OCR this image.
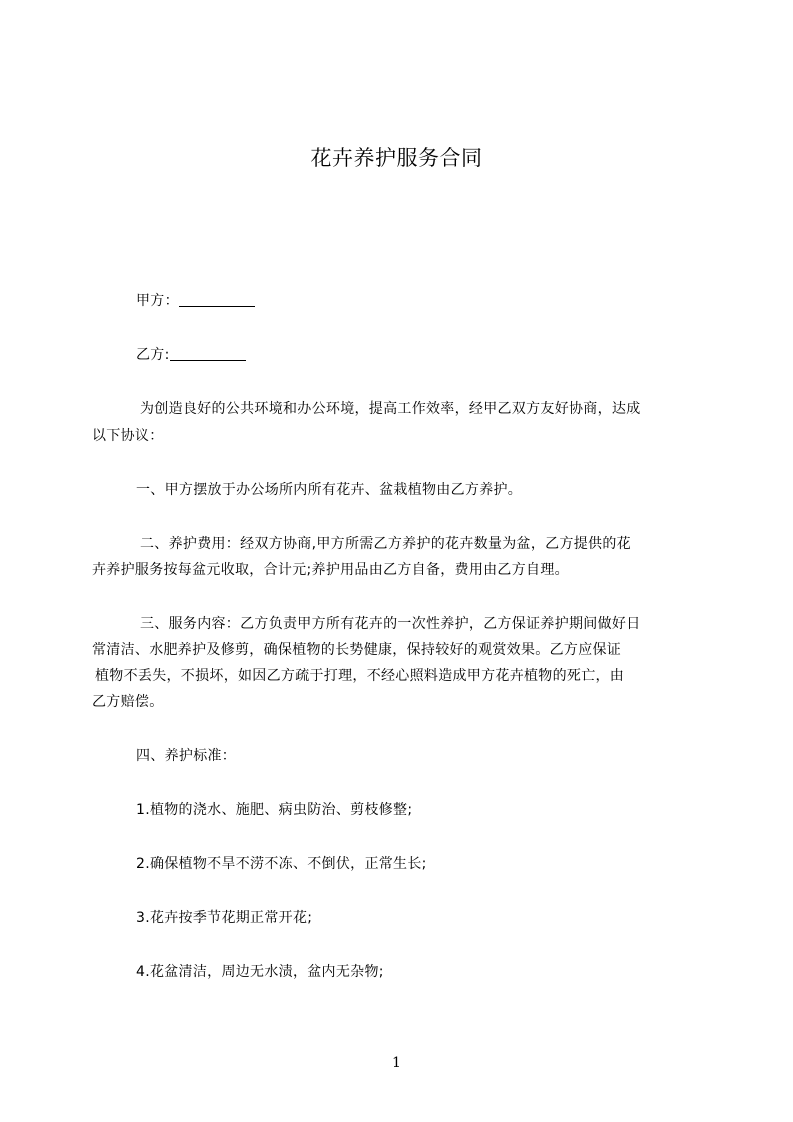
花卉养护服务合同
甲方：
乙方:
为创造良好的公共环境和办公环境，提高工作效率，经甲乙双方友好协商，达成
以下协议：
一、甲方摆放于办公场所内所有花卉、盆栽植物由乙方养护。
二、养护费用：经双方协商,甲方所需乙方养护的花卉数量为盆，乙方提供的花
卉养护服务按每盆元收取，合计元;养护用品由乙方自备，费用由乙方自理。
三、服务内容：乙方负责甲方所有花卉的一次性养护，乙方保证养护期间做好日
常清洁、水肥养护及修剪，确保植物的长势健康，保持较好的观赏效果。乙方应保证
植物不丢失，不损坏，如因乙方疏于打理，不经心照料造成甲方花卉植物的死亡，由
乙方赔偿。
四、养护标准：
1.植物的浇水、施肥、病虫防治、剪枝修整;
2.确保植物不旱不涝不冻、不倒伏，正常生长;
3.花卉按季节花期正常开花;
4.花盆清洁，周边无水渍，盆内无杂物;
1
